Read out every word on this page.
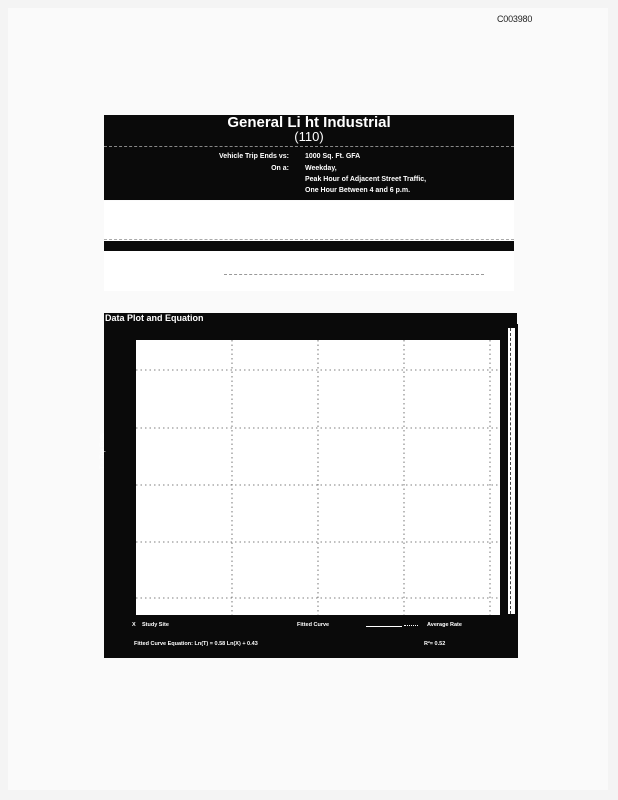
C003980
General Li ht Industrial
(110)
Vehicle Trip Ends vs: 1000 Sq. Ft. GFA
On a: Weekday,
Peak Hour of Adjacent Street Traffic,
One Hour Between 4 and 6 p.m.
Data Plot and Equation
T = Trip Ends
5
X Study Site	Fitted Curve	Average Rate
Fitted Curve Equation: Ln(T) = 0.58 Ln(X) + 0.43	R²= 0.52
